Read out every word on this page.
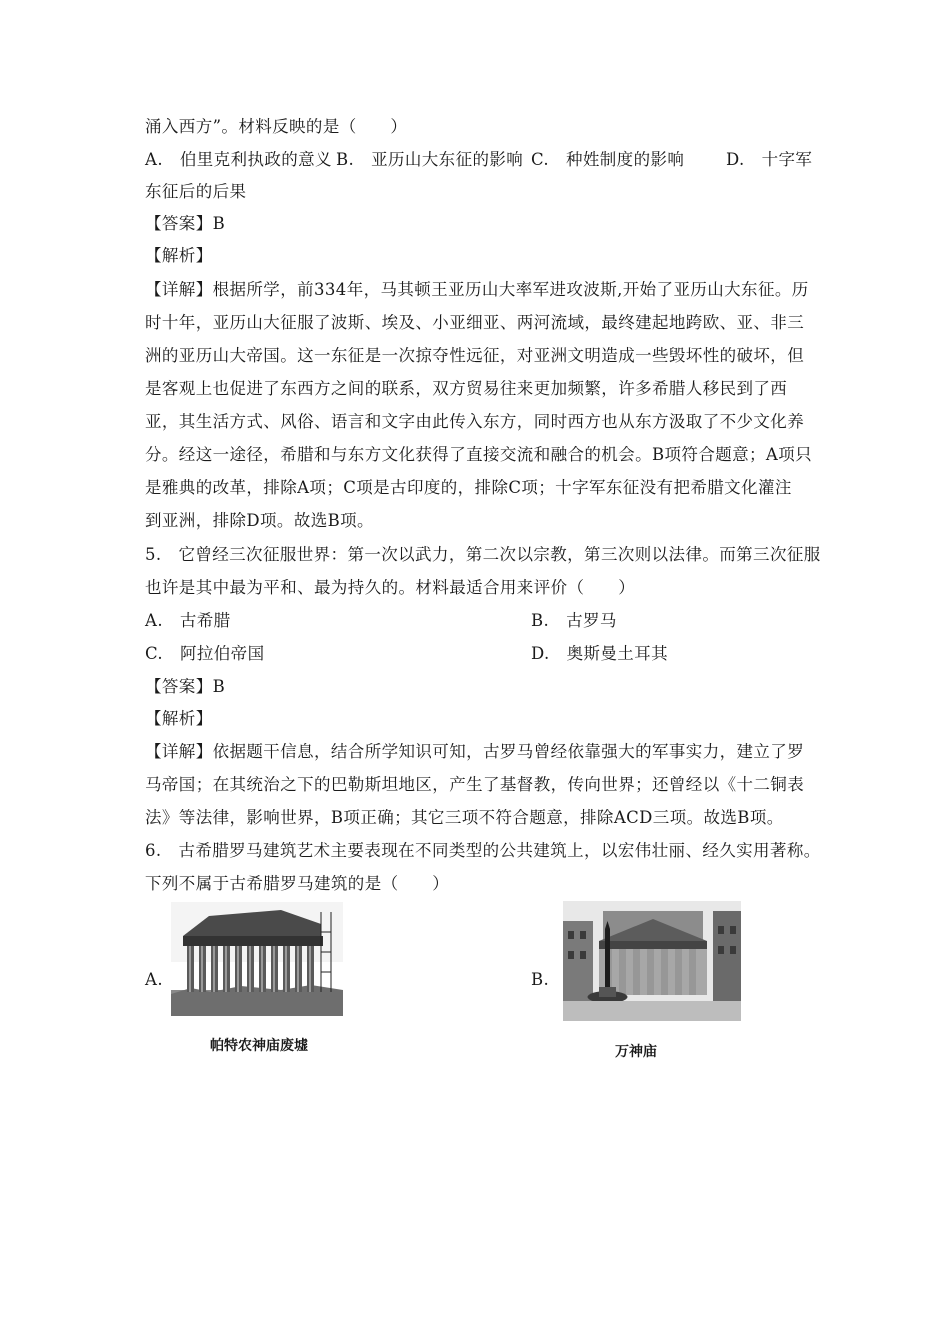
涌入西方”。材料反映的是（　　）
A.　伯里克利执政的意义 B.　亚历山大东征的影响 C.　种姓制度的影响	D.　十字军
东征后的后果
【答案】B
【解析】
【详解】根据所学，前334年，马其顿王亚历山大率军进攻波斯,开始了亚历山大东征。历
时十年，亚历山大征服了波斯、埃及、小亚细亚、两河流域，最终建起地跨欧、亚、非三
洲的亚历山大帝国。这一东征是一次掠夺性远征，对亚洲文明造成一些毁坏性的破坏，但
是客观上也促进了东西方之间的联系，双方贸易往来更加频繁，许多希腊人移民到了西
亚，其生活方式、风俗、语言和文字由此传入东方，同时西方也从东方汲取了不少文化养
分。经这一途径，希腊和与东方文化获得了直接交流和融合的机会。B项符合题意；A项只
是雅典的改革，排除A项；C项是古印度的，排除C项；十字军东征没有把希腊文化灌注
到亚洲，排除D项。故选B项。
5.　它曾经三次征服世界：第一次以武力，第二次以宗教，第三次则以法律。而第三次征服
也许是其中最为平和、最为持久的。材料最适合用来评价（　　）
A.　古希腊	B.　古罗马
C.　阿拉伯帝国	D.　奥斯曼土耳其
【答案】B
【解析】
【详解】依据题干信息，结合所学知识可知，古罗马曾经依靠强大的军事实力，建立了罗
马帝国；在其统治之下的巴勒斯坦地区，产生了基督教，传向世界；还曾经以《十二铜表
法》等法律，影响世界，B项正确；其它三项不符合题意，排除ACD三项。故选B项。
6.　古希腊罗马建筑艺术主要表现在不同类型的公共建筑上，以宏伟壮丽、经久实用著称。
下列不属于古希腊罗马建筑的是（　　）
A.
帕特农神庙废墟
B.
万神庙
